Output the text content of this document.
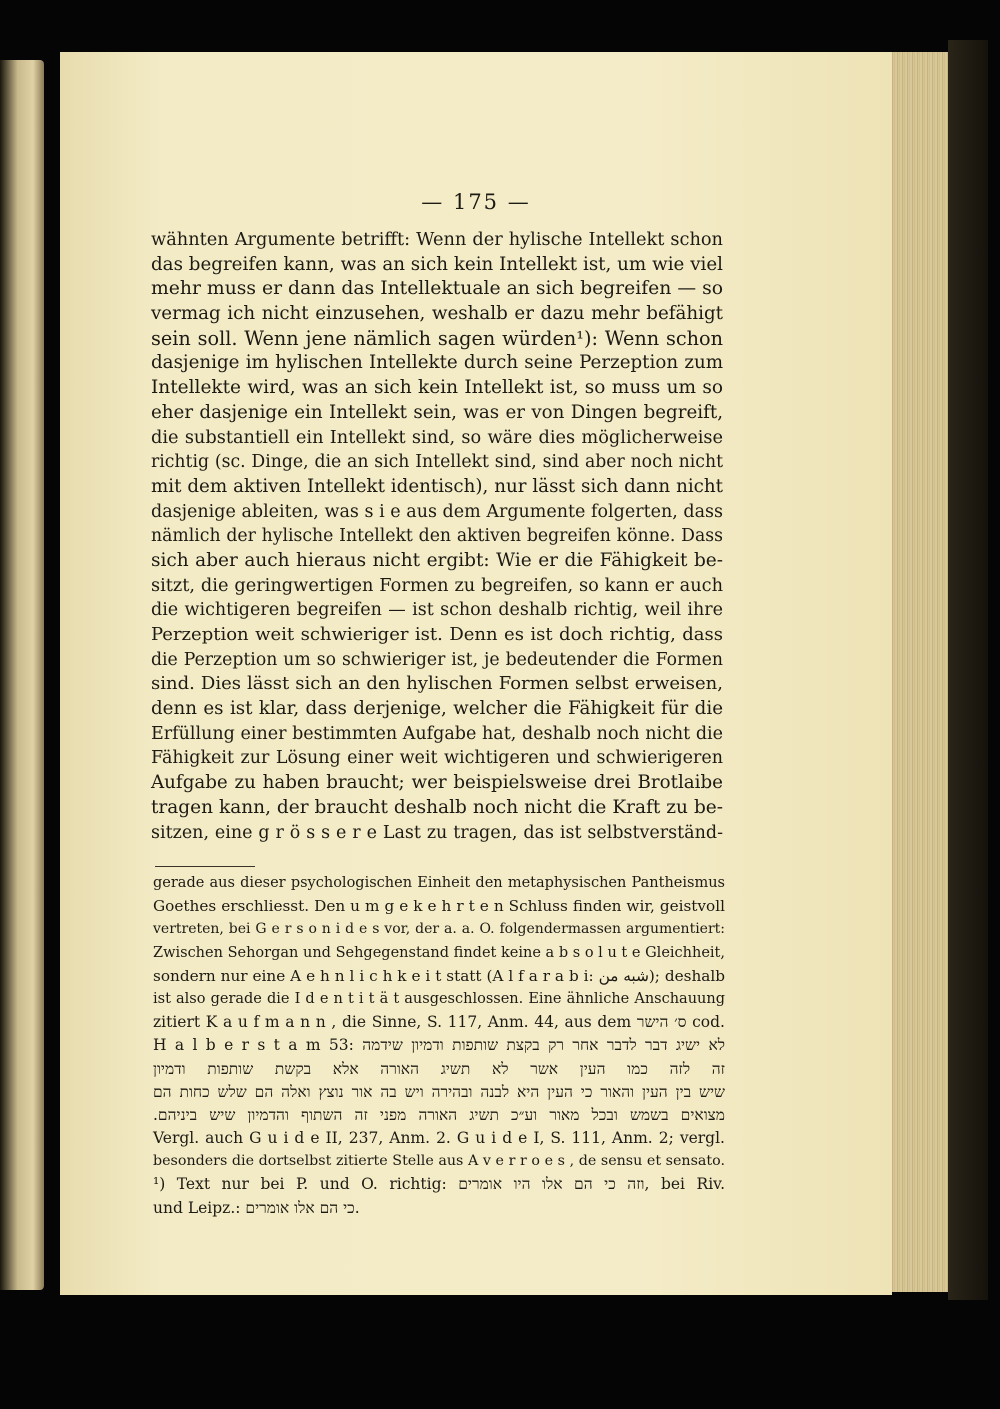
— 175 —
wähnten Argumente betrifft: Wenn der hylische Intellekt schon
das begreifen kann, was an sich kein Intellekt ist, um wie viel
mehr muss er dann das Intellektuale an sich begreifen — so
vermag ich nicht einzusehen, weshalb er dazu mehr befähigt
sein soll. Wenn jene nämlich sagen würden¹): Wenn schon
dasjenige im hylischen Intellekte durch seine Perzeption zum
Intellekte wird, was an sich kein Intellekt ist, so muss um so
eher dasjenige ein Intellekt sein, was er von Dingen begreift,
die substantiell ein Intellekt sind, so wäre dies möglicherweise
richtig (sc. Dinge, die an sich Intellekt sind, sind aber noch nicht
mit dem aktiven Intellekt identisch), nur lässt sich dann nicht
dasjenige ableiten, was s i e aus dem Argumente folgerten, dass
nämlich der hylische Intellekt den aktiven begreifen könne. Dass
sich aber auch hieraus nicht ergibt: Wie er die Fähigkeit be-
sitzt, die geringwertigen Formen zu begreifen, so kann er auch
die wichtigeren begreifen — ist schon deshalb richtig, weil ihre
Perzeption weit schwieriger ist. Denn es ist doch richtig, dass
die Perzeption um so schwieriger ist, je bedeutender die Formen
sind. Dies lässt sich an den hylischen Formen selbst erweisen,
denn es ist klar, dass derjenige, welcher die Fähigkeit für die
Erfüllung einer bestimmten Aufgabe hat, deshalb noch nicht die
Fähigkeit zur Lösung einer weit wichtigeren und schwierigeren
Aufgabe zu haben braucht; wer beispielsweise drei Brotlaibe
tragen kann, der braucht deshalb noch nicht die Kraft zu be-
sitzen, eine g r ö s s e r e Last zu tragen, das ist selbstverständ-
gerade aus dieser psychologischen Einheit den metaphysischen Pantheismus
Goethes erschliesst. Den u m g e k e h r t e n Schluss finden wir, geistvoll
vertreten, bei G e r s o n i d e s vor, der a. a. O. folgendermassen argumentiert:
Zwischen Sehorgan und Sehgegenstand findet keine a b s o l u t e Gleichheit,
sondern nur eine A e h n l i c h k e i t statt (A l f a r a b i: شبه من); deshalb
ist also gerade die I d e n t i t ä t ausgeschlossen. Eine ähnliche Anschauung
zitiert K a u f m a n n , die Sinne, S. 117, Anm. 44, aus dem ס׳ הישר cod.
H a l b e r s t a m 53: לא ישיג דבר לדבר אחר רק בקצת שותפות ודמיון שידמה
זה לזה כמו העין אשר לא תשיג האורה אלא בקשת שותפות ודמיון
שיש בין העין והאור כי העין היא לבנה ובהירה ויש בה אור נוצץ ואלה הם שלש כחות הם
מצואים בשמש ובכל מאור וע״כ תשיג האורה מפני זה השתוף והדמיון שיש ביניהם.
Vergl. auch G u i d e II, 237, Anm. 2. G u i d e I, S. 111, Anm. 2; vergl.
besonders die dortselbst zitierte Stelle aus A v e r r o e s , de sensu et sensato.
¹) Text nur bei P. und O. richtig: וזה כי הם אלו היו אומרים, bei Riv.
und Leipz.: כי הם אלו אומרים.
